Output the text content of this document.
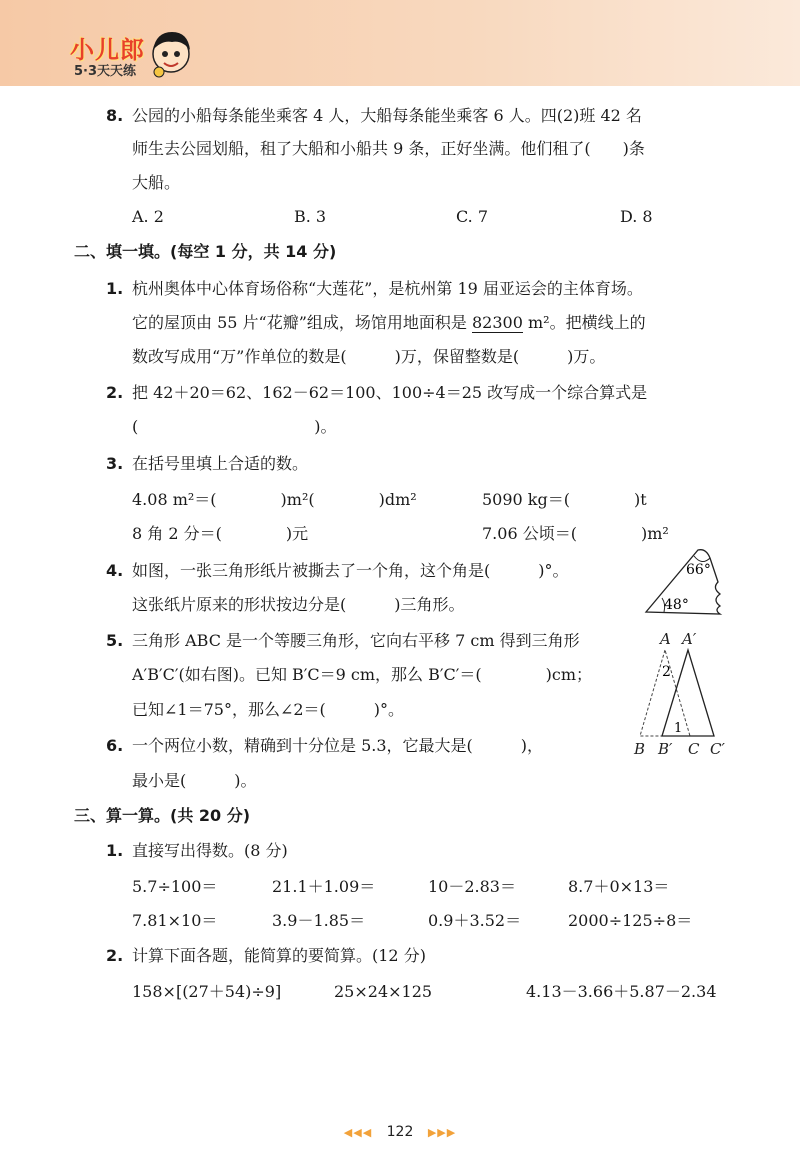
小儿郎
5·3天天练
8. 公园的小船每条能坐乘客 4 人，大船每条能坐乘客 6 人。四(2)班 42 名
师生去公园划船，租了大船和小船共 9 条，正好坐满。他们租了(　　)条
大船。
A. 2	B. 3	C. 7	D. 8
二、填一填。(每空 1 分，共 14 分)
1. 杭州奥体中心体育场俗称“大莲花”，是杭州第 19 届亚运会的主体育场。
它的屋顶由 55 片“花瓣”组成，场馆用地面积是 82300 m²。把横线上的
数改写成用“万”作单位的数是(　　　)万，保留整数是(　　　)万。
2. 把 42＋20＝62、162－62＝100、100÷4＝25 改写成一个综合算式是
(　　　　　　　　　　　)。
3. 在括号里填上合适的数。
4.08 m²＝(　　　　)m²(　　　　)dm²	5090 kg＝(　　　　)t
8 角 2 分＝(　　　　)元	7.06 公顷＝(　　　　)m²
4. 如图，一张三角形纸片被撕去了一个角，这个角是(　　　)°。
这张纸片原来的形状按边分是(　　　)三角形。
66°
48°
5. 三角形 ABC 是一个等腰三角形，它向右平移 7 cm 得到三角形
A′B′C′(如右图)。已知 B′C＝9 cm，那么 B′C′＝(　　　　)cm；
已知∠1＝75°，那么∠2＝(　　　)°。
A A′
B B′ C C′
2
1
6. 一个两位小数，精确到十分位是 5.3，它最大是(　　　)，
最小是(　　　)。
三、算一算。(共 20 分)
1. 直接写出得数。(8 分)
5.7÷100＝	21.1＋1.09＝	10－2.83＝	8.7＋0×13＝
7.81×10＝	3.9－1.85＝	0.9＋3.52＝	2000÷125÷8＝
2. 计算下面各题，能简算的要简算。(12 分)
158×[(27＋54)÷9]	25×24×125	4.13－3.66＋5.87－2.34
◀◀◀ 122 ▶▶▶
